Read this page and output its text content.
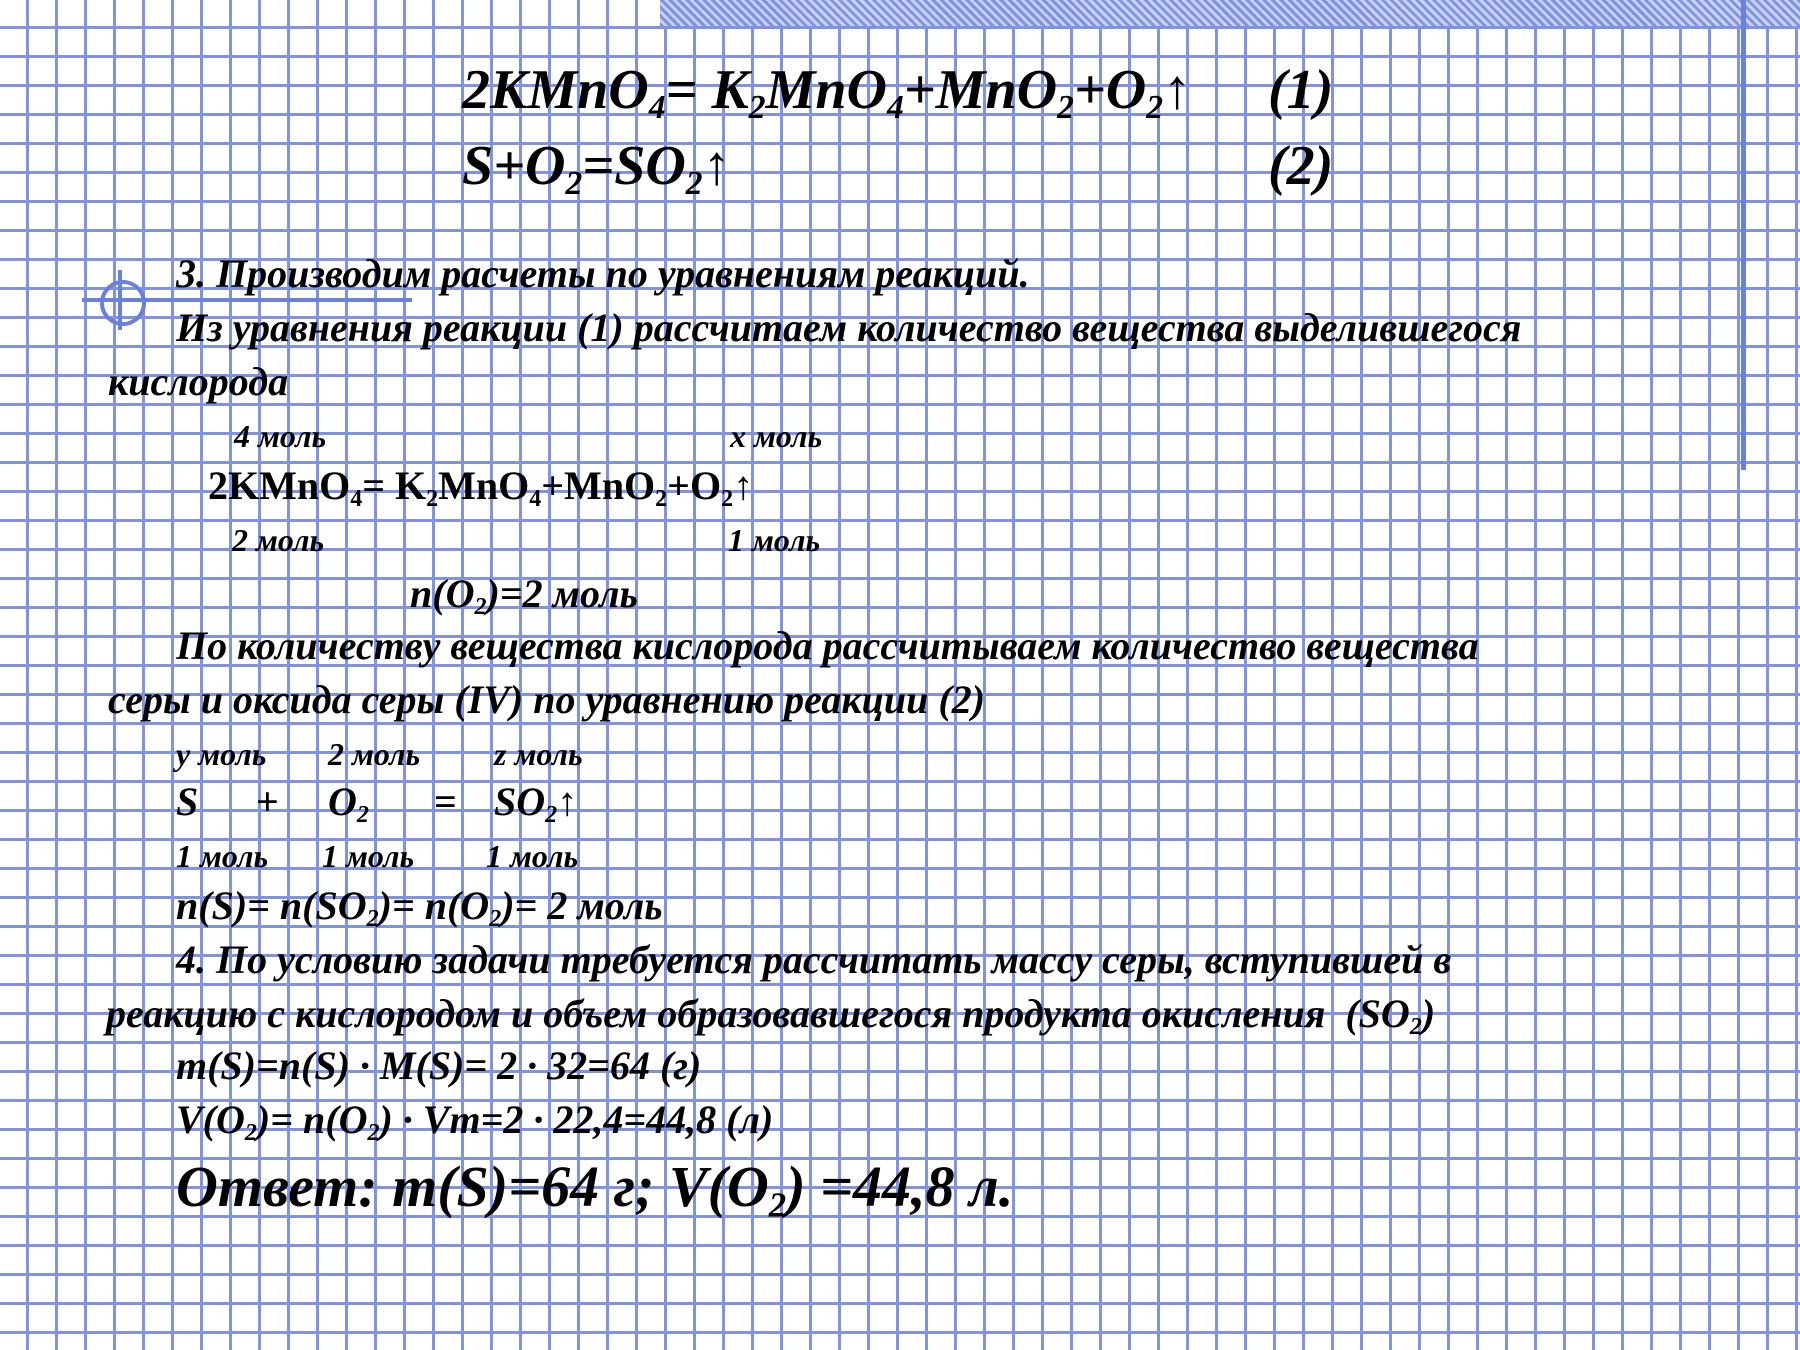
2KMnO$_4$= $K_2MnO_4+MnO_2+O_2↑$ (1)
$S+O_2=SO_2↑$	(2)
3. Производим расчеты по уравнениям реакций.
Из уравнения реакции (1) рассчитаем количество вещества выделившегося
кислорода
4 моль	х моль
2KMnO$_4$= $K_2MnO_4+MnO_2+O_2↑$
2 моль	1 моль
$n(O_2)=2$ моль
По количеству вещества кислорода рассчитываем количество вещества
серы и оксида серы (IV) по уравнению реакции (2)
у моль 2 моль z моль
$S + O_2$ = $SO_2↑$
1 моль 1 моль 1 моль
$n(S)= n(SO_2)= n(O_2)= 2$ моль
4. По условию задачи требуется рассчитать массу серы, вступившей в
реакцию с кислородом и объем образовавшегося продукта окисления  $(SO_2)$
m(S)=n(S) · M(S)= 2 · 32=64 (г)
$V(O_2)= n(O_2) \cdot Vm=2 \cdot 22,4=44,8$ (л)
Ответ: m(S)=64 г; $V(O_2) =44,8$ л.
